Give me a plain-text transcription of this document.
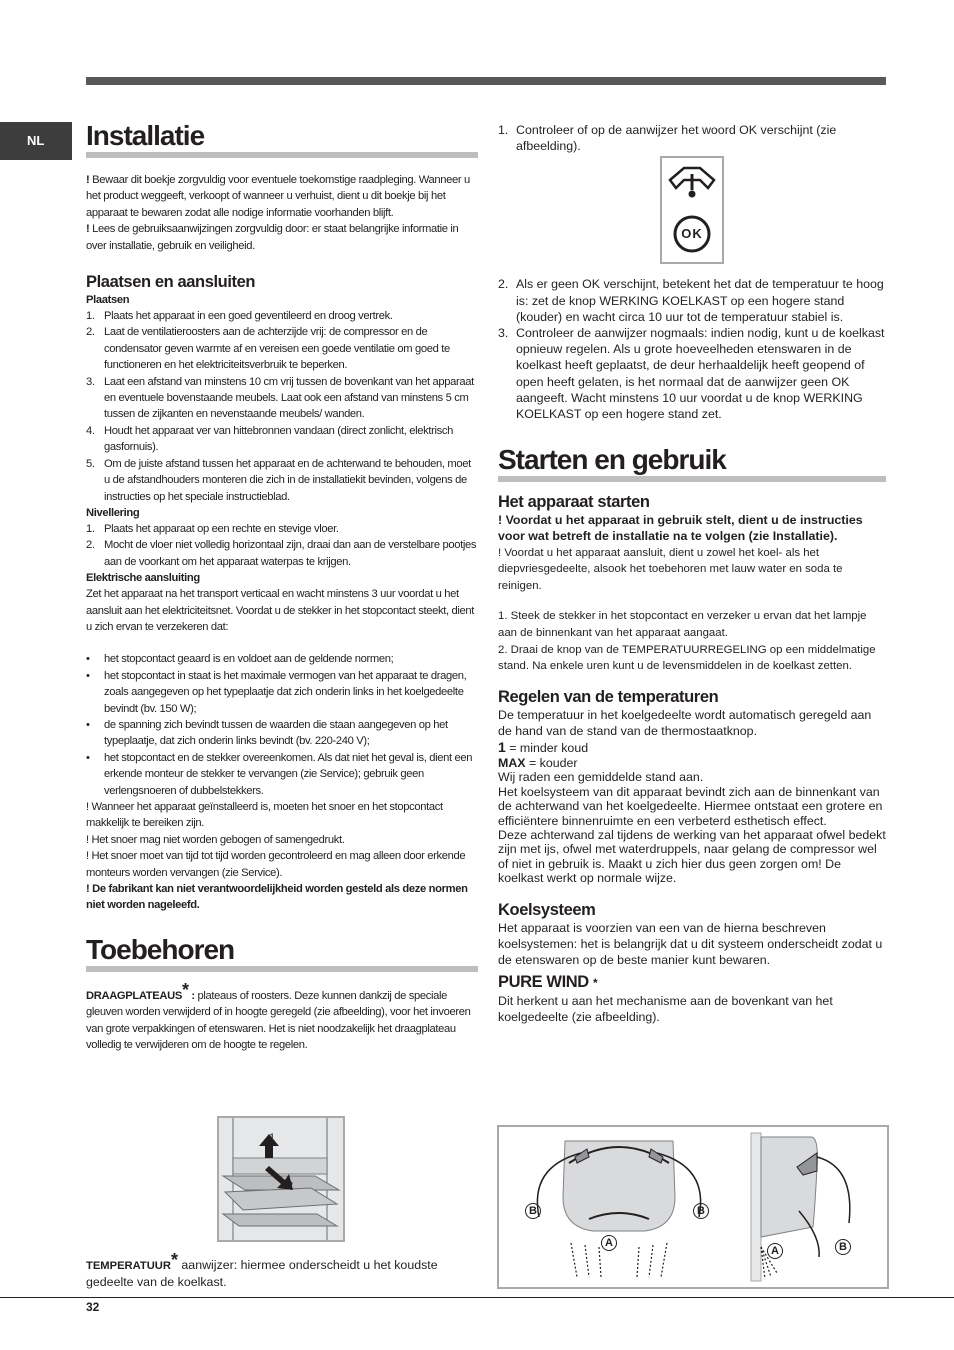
NL	Installatie

! Bewaar dit boekje zorgvuldig voor eventuele toekomstige raadpleging. Wanneer u het product weggeeft, verkoopt of wanneer u verhuist, dient u dit boekje bij het apparaat te bewaren zodat alle nodige informatie voorhanden blijft.

! Lees de gebruiksaanwijzingen zorgvuldig door: er staat belangrijke informatie in over installatie, gebruik en veiligheid.

Plaatsen en aansluiten
Plaatsen
1. Plaats het apparaat in een goed geventileerd en droog vertrek.
2. Laat de ventilatieroosters aan de achterzijde vrij: de compressor en de condensator geven warmte af en vereisen een goede ventilatie om goed te functioneren en het elektriciteitsverbruik te beperken.
3. Laat een afstand van minstens 10 cm vrij tussen de bovenkant van het apparaat en eventuele bovenstaande meubels. Laat ook een afstand van minstens 5 cm tussen de zijkanten en nevenstaande meubels/ wanden.
4. Houdt het apparaat ver van hittebronnen vandaan (direct zonlicht, elektrisch gasfornuis).
5. Om de juiste afstand tussen het apparaat en de achterwand te behouden, moet u de afstandhouders monteren die zich in de installatiekit bevinden, volgens de instructies op het speciale instructieblad.
Nivellering
1. Plaats het apparaat op een rechte en stevige vloer.
2. Mocht de vloer niet volledig horizontaal zijn, draai dan aan de verstelbare pootjes aan de voorkant om het apparaat waterpas te krijgen.
Elektrische aansluiting

Zet het apparaat na het transport verticaal en wacht minstens 3 uur voordat u het aansluit aan het elektriciteitsnet. Voordat u de stekker in het stopcontact steekt, dient u zich ervan te verzekeren dat:

•	het stopcontact geaard is en voldoet aan de geldende normen;
•	het stopcontact in staat is het maximale vermogen van het apparaat te dragen, zoals aangegeven op het typeplaatje dat zich onderin links in het koelgedeelte bevindt (bv. 150 W);
•	de spanning zich bevindt tussen de waarden die staan aangegeven op het typeplaatje, dat zich onderin links bevindt (bv. 220-240 V);
•	het stopcontact en de stekker overeenkomen. Als dat niet het geval is, dient een erkende monteur de stekker te vervangen (zie Service); gebruik geen verlengsnoeren of dubbelstekkers.

! Wanneer het apparaat geïnstalleerd is, moeten het snoer en het stopcontact makkelijk te bereiken zijn.

! Het snoer mag niet worden gebogen of samengedrukt.

! Het snoer moet van tijd tot tijd worden gecontroleerd en mag alleen door erkende monteurs worden vervangen (zie Service).

! De fabrikant kan niet verantwoordelijkheid worden gesteld als deze normen niet worden nageleefd.

Toebehoren

DRAAGPLATEAUS* : plateaus of roosters. Deze kunnen dankzij de speciale gleuven worden verwijderd of in hoogte geregeld (zie afbeelding), voor het invoeren van grote verpakkingen of etenswaren. Het is niet noodzakelijk het draagplateau volledig te verwijderen om de hoogte te regelen.

1
2

TEMPERATUUR* aanwijzer: hiermee onderscheidt u het koudste gedeelte van de koelkast.

1. Controleer of op de aanwijzer het woord OK verschijnt (zie afbeelding).
2. Als er geen OK verschijnt, betekent het dat de temperatuur te hoog is: zet de knop WERKING KOELKAST op een hogere stand (kouder) en wacht circa 10 uur tot de temperatuur stabiel is.
3. Controleer de aanwijzer nogmaals: indien nodig, kunt u de koelkast opnieuw regelen. Als u grote hoeveelheden etenswaren in de koelkast heeft geplaatst, de deur herhaaldelijk heeft geopend of open heeft gelaten, is het normaal dat de aanwijzer geen OK aangeeft. Wacht minstens 10 uur voordat u de knop WERKING KOELKAST op een hogere stand zet.
Starten en gebruik
Het apparaat starten

! Voordat u het apparaat in gebruik stelt, dient u de instructies voor wat betreft de installatie na te volgen (zie Installatie).

! Voordat u het apparaat aansluit, dient u zowel het koel- als het diepvriesgedeelte, alsook het toebehoren met lauw water en soda te reinigen.

1. Steek de stekker in het stopcontact en verzeker u ervan dat het lampje aan de binnenkant van het apparaat aangaat.

2. Draai de knop van de TEMPERATUURREGELING op een middelmatige stand. Na enkele uren kunt u de levensmiddelen in de koelkast zetten.

Regelen van de temperaturen

De temperatuur in het koelgedeelte wordt automatisch geregeld aan de hand van de stand van de thermostaatknop.

1 = minder koud

MAX = kouder

Wij raden een gemiddelde stand aan.

Het koelsysteem van dit apparaat bevindt zich aan de binnenkant van de achterwand van het koelgedeelte. Hiermee ontstaat een grotere en efficiëntere binnenruimte en een verbeterd esthetisch effect.

Deze achterwand zal tijdens de werking van het apparaat ofwel bedekt zijn met ijs, ofwel met waterdruppels, naar gelang de compressor wel of niet in gebruik is. Maakt u zich hier dus geen zorgen om! De koelkast werkt op normale wijze.

Koelsysteem

Het apparaat is voorzien van een van de hierna beschreven koelsystemen: het is belangrijk dat u dit systeem onderscheidt zodat u de etenswaren op de beste manier kunt bewaren.

PURE WIND *

Dit herkent u aan het mechanisme aan de bovenkant van het koelgedeelte (zie afbeelding).

OK
B	B
A
A	B
32
